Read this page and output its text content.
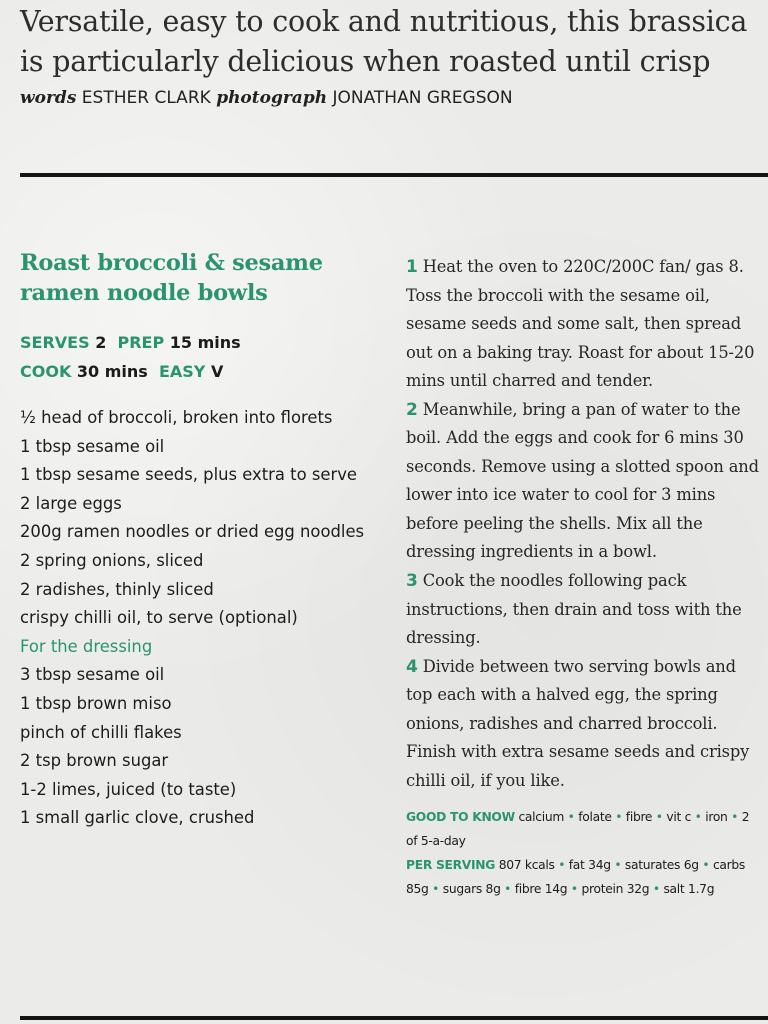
Versatile, easy to cook and nutritious, this brassica
is particularly delicious when roasted until crisp
words ESTHER CLARK photograph JONATHAN GREGSON
Roast broccoli & sesame
ramen noodle bowls
SERVES 2 PREP 15 mins
COOK 30 mins EASY V
½ head of broccoli, broken into florets
1 tbsp sesame oil
1 tbsp sesame seeds, plus extra to serve
2 large eggs
200g ramen noodles or dried egg noodles
2 spring onions, sliced
2 radishes, thinly sliced
crispy chilli oil, to serve (optional)
For the dressing
3 tbsp sesame oil
1 tbsp brown miso
pinch of chilli flakes
2 tsp brown sugar
1-2 limes, juiced (to taste)
1 small garlic clove, crushed

1 Heat the oven to 220C/200C fan/ gas 8. Toss the broccoli with the sesame oil, sesame seeds and some salt, then spread out on a baking tray. Roast for about 15-20 mins until charred and tender.

2 Meanwhile, bring a pan of water to the boil. Add the eggs and cook for 6 mins 30 seconds. Remove using a slotted spoon and lower into ice water to cool for 3 mins before peeling the shells. Mix all the dressing ingredients in a bowl.

3 Cook the noodles following pack instructions, then drain and toss with the dressing.

4 Divide between two serving bowls and top each with a halved egg, the spring onions, radishes and charred broccoli. Finish with extra sesame seeds and crispy chilli oil, if you like.

GOOD TO KNOW calcium • folate • fibre • vit c • iron • 2 of 5-a-day
PER SERVING 807 kcals • fat 34g • saturates 6g • carbs 85g • sugars 8g • fibre 14g • protein 32g • salt 1.7g
